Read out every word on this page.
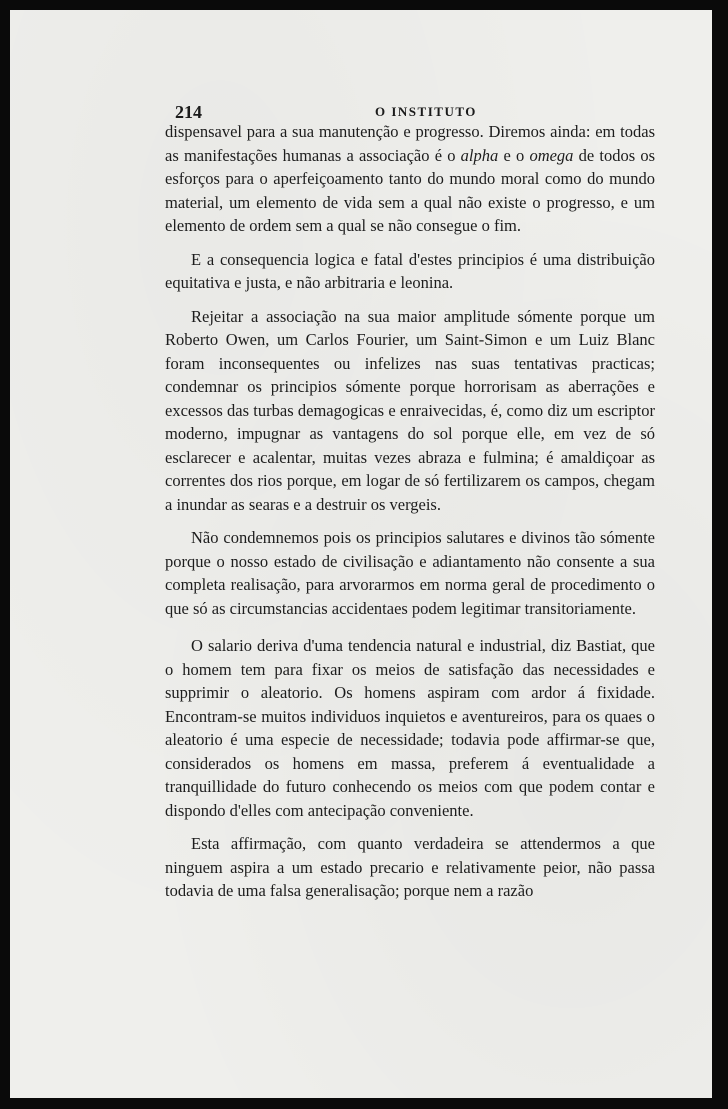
214	O INSTITUTO

dispensavel para a sua manutenção e progresso. Diremos ainda: em todas as manifestações humanas a associação é o alpha e o omega de todos os esforços para o aperfeiçoamento tanto do mundo moral como do mundo material, um elemento de vida sem a qual não existe o progresso, e um elemento de ordem sem a qual se não consegue o fim.

E a consequencia logica e fatal d'estes principios é uma distribuição equitativa e justa, e não arbitraria e leonina.

Rejeitar a associação na sua maior amplitude sómente porque um Roberto Owen, um Carlos Fourier, um Saint-Simon e um Luiz Blanc foram inconsequentes ou infelizes nas suas tentativas practicas; condemnar os principios sómente porque horrorisam as aberrações e excessos das turbas demagogicas e enraivecidas, é, como diz um escriptor moderno, impugnar as vantagens do sol porque elle, em vez de só esclarecer e acalentar, muitas vezes abraza e fulmina; é amaldiçoar as correntes dos rios porque, em logar de só fertilizarem os campos, chegam a inundar as searas e a destruir os vergeis.

Não condemnemos pois os principios salutares e divinos tão sómente porque o nosso estado de civilisação e adiantamento não consente a sua completa realisação, para arvorarmos em norma geral de procedimento o que só as circumstancias accidentaes podem legitimar transitoriamente.

O salario deriva d'uma tendencia natural e industrial, diz Bastiat, que o homem tem para fixar os meios de satisfação das necessidades e supprimir o aleatorio. Os homens aspiram com ardor á fixidade. Encontram-se muitos individuos inquietos e aventureiros, para os quaes o aleatorio é uma especie de necessidade; todavia pode affirmar-se que, considerados os homens em massa, preferem á eventualidade a tranquillidade do futuro conhecendo os meios com que podem contar e dispondo d'elles com antecipação conveniente.

Esta affirmação, com quanto verdadeira se attendermos a que ninguem aspira a um estado precario e relativamente peior, não passa todavia de uma falsa generalisação; porque nem a razão
